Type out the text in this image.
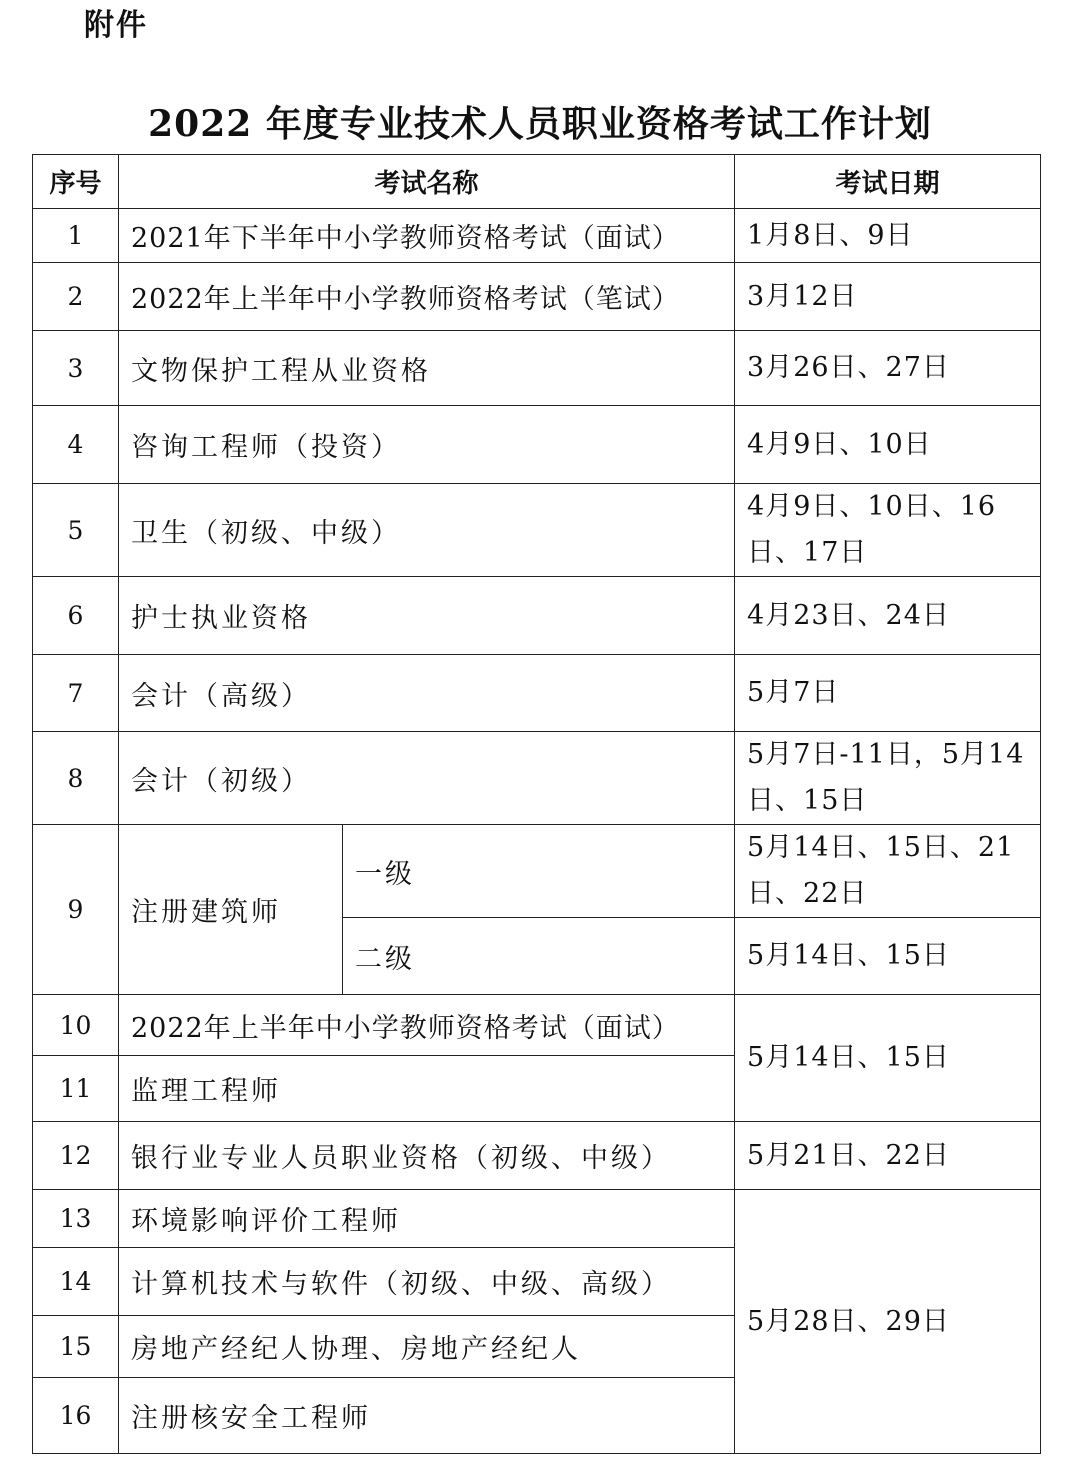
附件
2022 年度专业技术人员职业资格考试工作计划
序号	考试名称		考试日期
1	2021年下半年中小学教师资格考试（面试）		1月8日、9日
2	2022年上半年中小学教师资格考试（笔试）		3月12日
3	文物保护工程从业资格		3月26日、27日
4	咨询工程师（投资）		4月9日、10日
5	卫生（初级、中级）		4月9日、10日、16日、17日
6	护士执业资格		4月23日、24日
7	会计（高级）		5月7日
8	会计（初级）		5月7日-11日，5月14日、15日
9	注册建筑师	一级	5月14日、15日、21日、22日
		二级	5月14日、15日
10	2022年上半年中小学教师资格考试（面试）		5月14日、15日
11	监理工程师		
12	银行业专业人员职业资格（初级、中级）		5月21日、22日
13	环境影响评价工程师		5月28日、29日
14	计算机技术与软件（初级、中级、高级）		
15	房地产经纪人协理、房地产经纪人		
16	注册核安全工程师		
